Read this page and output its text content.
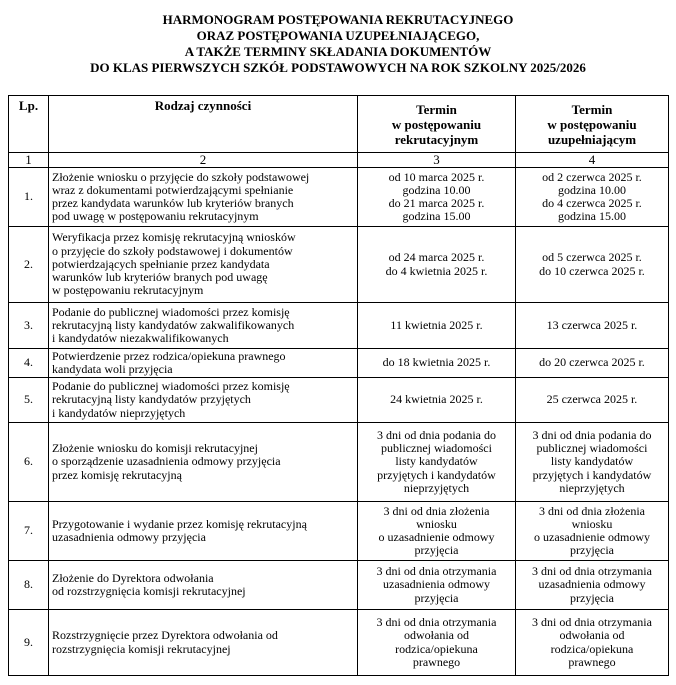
HARMONOGRAM POSTĘPOWANIA REKRUTACYJNEGO
ORAZ POSTĘPOWANIA UZUPEŁNIAJĄCEGO,
A TAKŻE TERMINY SKŁADANIA DOKUMENTÓW
DO KLAS PIERWSZYCH SZKÓŁ PODSTAWOWYCH NA ROK SZKOLNY 2025/2026
Lp.	Rodzaj czynności	Termin
w postępowaniu
rekrutacyjnym	Termin
w postępowaniu
uzupełniającym

1	2	3	4
1.	Złożenie wniosku o przyjęcie do szkoły podstawowej
wraz z dokumentami potwierdzającymi spełnianie
przez kandydata warunków lub kryteriów branych
pod uwagę w postępowaniu rekrutacyjnym	od 10 marca 2025 r.
godzina 10.00
do 21 marca 2025 r.
godzina 15.00	od 2 czerwca 2025 r.
godzina 10.00
do 4 czerwca 2025 r.
godzina 15.00

2.	Weryfikacja przez komisję rekrutacyjną wniosków
o przyjęcie do szkoły podstawowej i dokumentów
potwierdzających spełnianie przez kandydata
warunków lub kryteriów branych pod uwagę
w postępowaniu rekrutacyjnym	od 24 marca 2025 r.
do 4 kwietnia 2025 r.	od 5 czerwca 2025 r.
do 10 czerwca 2025 r.

3.	Podanie do publicznej wiadomości przez komisję
rekrutacyjną listy kandydatów zakwalifikowanych
i kandydatów niezakwalifikowanych	11 kwietnia 2025 r.	13 czerwca 2025 r.

4.	Potwierdzenie przez rodzica/opiekuna prawnego
kandydata woli przyjęcia	do 18 kwietnia 2025 r.	do 20 czerwca 2025 r.

5.	Podanie do publicznej wiadomości przez komisję
rekrutacyjną listy kandydatów przyjętych
i kandydatów nieprzyjętych	24 kwietnia 2025 r.	25 czerwca 2025 r.

6.	Złożenie wniosku do komisji rekrutacyjnej
o sporządzenie uzasadnienia odmowy przyjęcia
przez komisję rekrutacyjną	3 dni od dnia podania do
publicznej wiadomości
listy kandydatów
przyjętych i kandydatów
nieprzyjętych	3 dni od dnia podania do
publicznej wiadomości
listy kandydatów
przyjętych i kandydatów
nieprzyjętych

7.	Przygotowanie i wydanie przez komisję rekrutacyjną
uzasadnienia odmowy przyjęcia	3 dni od dnia złożenia
wniosku
o uzasadnienie odmowy
przyjęcia	3 dni od dnia złożenia
wniosku
o uzasadnienie odmowy
przyjęcia

8.	Złożenie do Dyrektora odwołania
od rozstrzygnięcia komisji rekrutacyjnej	3 dni od dnia otrzymania
uzasadnienia odmowy
przyjęcia	3 dni od dnia otrzymania
uzasadnienia odmowy
przyjęcia

9.	Rozstrzygnięcie przez Dyrektora odwołania od
rozstrzygnięcia komisji rekrutacyjnej	3 dni od dnia otrzymania
odwołania od
rodzica/opiekuna
prawnego	3 dni od dnia otrzymania
odwołania od
rodzica/opiekuna
prawnego
